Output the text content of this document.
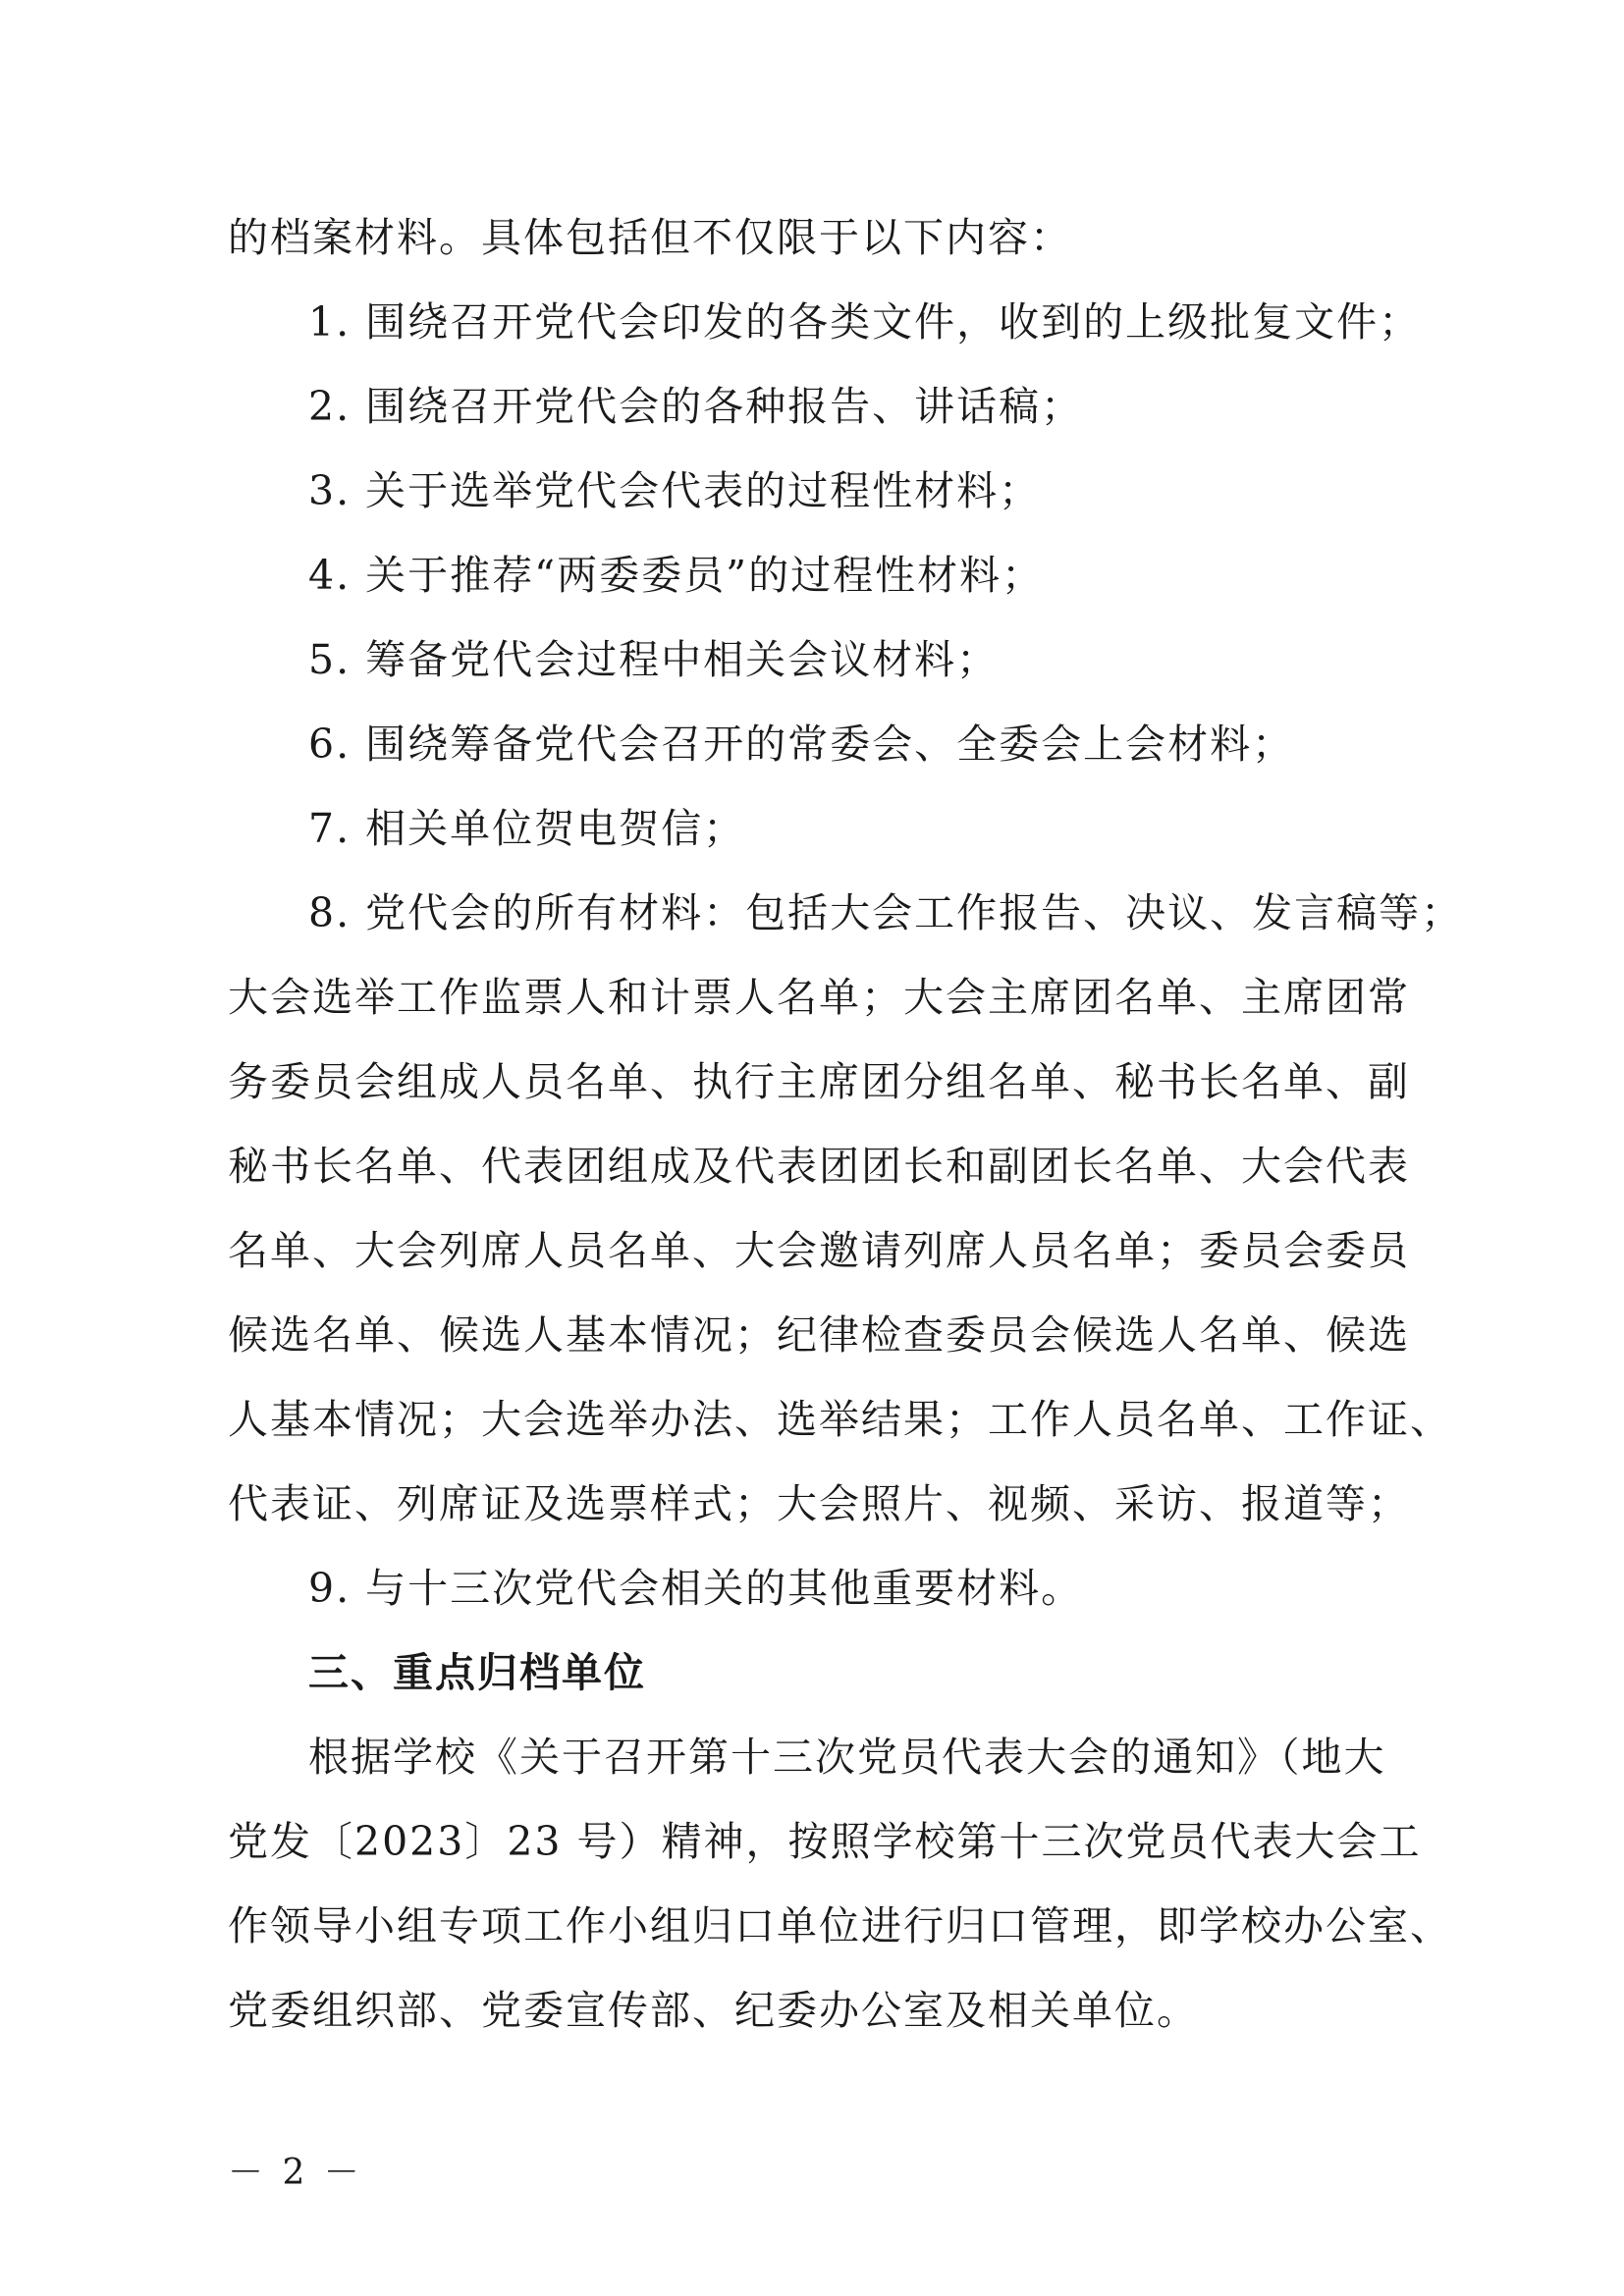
的档案材料。具体包括但不仅限于以下内容：
1. 围绕召开党代会印发的各类文件，收到的上级批复文件；
2. 围绕召开党代会的各种报告、讲话稿；
3. 关于选举党代会代表的过程性材料；
4. 关于推荐“两委委员”的过程性材料；
5. 筹备党代会过程中相关会议材料；
6. 围绕筹备党代会召开的常委会、全委会上会材料；
7. 相关单位贺电贺信；
8. 党代会的所有材料：包括大会工作报告、决议、发言稿等；
大会选举工作监票人和计票人名单；大会主席团名单、主席团常
务委员会组成人员名单、执行主席团分组名单、秘书长名单、副
秘书长名单、代表团组成及代表团团长和副团长名单、大会代表
名单、大会列席人员名单、大会邀请列席人员名单；委员会委员
候选名单、候选人基本情况；纪律检查委员会候选人名单、候选
人基本情况；大会选举办法、选举结果；工作人员名单、工作证、
代表证、列席证及选票样式；大会照片、视频、采访、报道等；
9. 与十三次党代会相关的其他重要材料。
三、重点归档单位
根据学校《关于召开第十三次党员代表大会的通知》（地大
党发〔2023〕23 号）精神，按照学校第十三次党员代表大会工
作领导小组专项工作小组归口单位进行归口管理，即学校办公室、
党委组织部、党委宣传部、纪委办公室及相关单位。
－ 2 －
